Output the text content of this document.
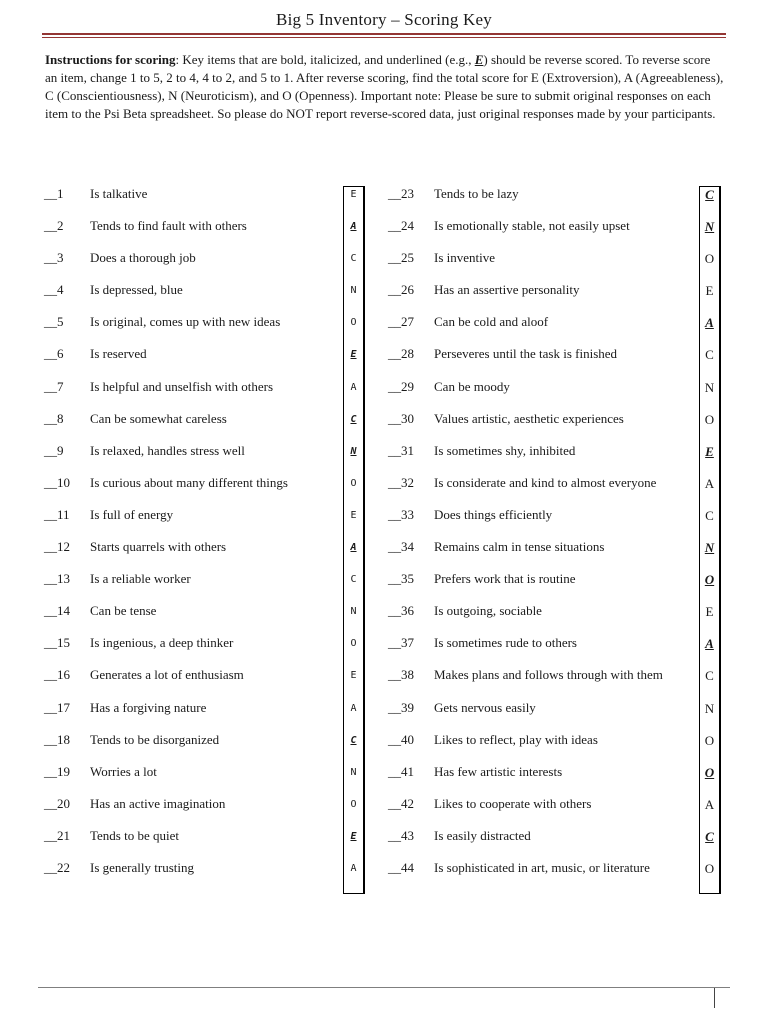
Big 5 Inventory – Scoring Key
Instructions for scoring: Key items that are bold, italicized, and underlined (e.g., E) should be reverse scored. To reverse score an item, change 1 to 5, 2 to 4, 4 to 2, and 5 to 1. After reverse scoring, find the total score for E (Extroversion), A (Agreeableness), C (Conscientiousness), N (Neuroticism), and O (Openness). Important note: Please be sure to submit original responses on each item to the Psi Beta spreadsheet. So please do NOT report reverse-scored data, just original responses made by your participants.
__1 Is talkative
__2 Tends to find fault with others
__3 Does a thorough job
__4 Is depressed, blue
__5 Is original, comes up with new ideas
__6 Is reserved
__7 Is helpful and unselfish with others
__8 Can be somewhat careless
__9 Is relaxed, handles stress well
__10 Is curious about many different things
__11 Is full of energy
__12 Starts quarrels with others
__13 Is a reliable worker
__14 Can be tense
__15 Is ingenious, a deep thinker
__16 Generates a lot of enthusiasm
__17 Has a forgiving nature
__18 Tends to be disorganized
__19 Worries a lot
__20 Has an active imagination
__21 Tends to be quiet
__22 Is generally trusting
E
A
C
N
O
E
A
C
N
O
E
A
C
N
O
E
A
C
N
O
E
A
__23 Tends to be lazy
__24 Is emotionally stable, not easily upset
__25 Is inventive
__26 Has an assertive personality
__27 Can be cold and aloof
__28 Perseveres until the task is finished
__29 Can be moody
__30 Values artistic, aesthetic experiences
__31 Is sometimes shy, inhibited
__32 Is considerate and kind to almost everyone
__33 Does things efficiently
__34 Remains calm in tense situations
__35 Prefers work that is routine
__36 Is outgoing, sociable
__37 Is sometimes rude to others
__38 Makes plans and follows through with them
__39 Gets nervous easily
__40 Likes to reflect, play with ideas
__41 Has few artistic interests
__42 Likes to cooperate with others
__43 Is easily distracted
__44 Is sophisticated in art, music, or literature
C
N
O
E
A
C
N
O
E
A
C
N
O
E
A
C
N
O
O
A
C
O
